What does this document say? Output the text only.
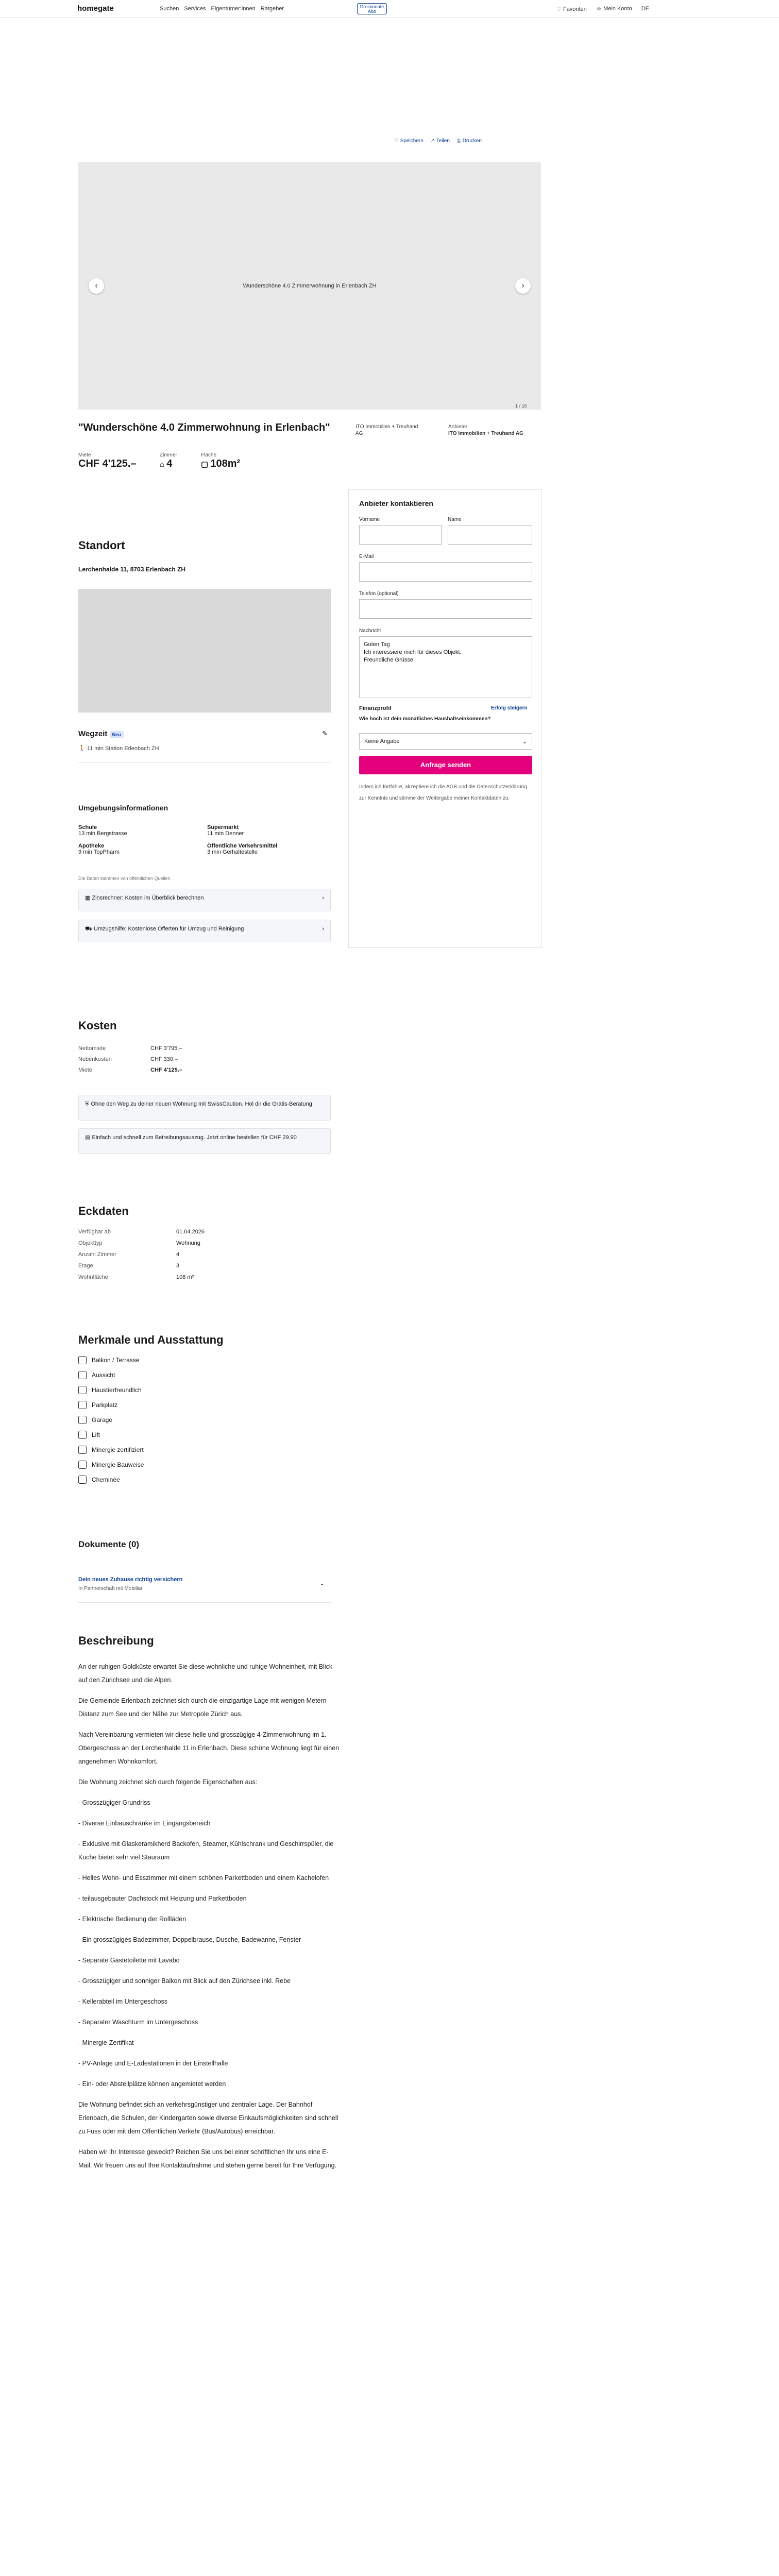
homegate	Suchen Services Eigentümer:innen Ratgeber	Dreimonate Abo	♡ Favoriten ☺ Mein Konto DE
♡ Speichern ↗ Teilen ⎙ Drucken
‹	Wunderschöne 4.0 Zimmerwohnung in Erlenbach ZH	›
1 / 16
"Wunderschöne 4.0 Zimmerwohnung in Erlenbach"	ITO Immobilien + Treuhand AG
Anbieter
ITO Immobilien + Treuhand AG
Miete
CHF 4'125.–
Zimmer
⌂ 4
Fläche
▢ 108m²
Anbieter kontaktieren
Vorname	Name
E-Mail
Telefon (optional)
Nachricht
Guten Tag
Ich interessiere mich für dieses Objekt.
Freundliche Grüsse
Finanzprofil	Erfolg steigern
Wie hoch ist dein monatliches Haushaltseinkommen?
Keine Angabe	⌄
Anfrage senden
Indem ich fortfahre, akzeptiere ich die AGB und die Datenschutzerklärung zur Kenntnis und stimme der Weitergabe meiner Kontaktdaten zu.
Standort
Lerchenhalde 11, 8703 Erlenbach ZH
Wegzeit Neu	✎
🚶 11 min Station Erlenbach ZH
Umgebungsinformationen
Schule
13 min Bergstrasse
Supermarkt
11 min Denner
Apotheke
9 min TopPharm
Öffentliche Verkehrsmittel
3 min Gerhaltestelle
Die Daten stammen von öffentlichen Quellen
▦ Zinsrechner: Kosten im Überblick berechnen	›
⛟ Umzugshilfe: Kostenlose Offerten für Umzug und Reinigung	›
Kosten
Nettomiete	CHF 3'795.–
Nebenkosten	CHF 330.–
Miete	CHF 4'125.–
⛨ Ohne den Weg zu deiner neuen Wohnung mit SwissCaution. Hol dir die Gratis-Beratung
▤ Einfach und schnell zum Betreibungsauszug. Jetzt online bestellen für CHF 29.90
Eckdaten
Verfügbar ab	01.04.2026
Objekttyp	Wohnung
Anzahl Zimmer	4
Etage	3
Wohnfläche	108 m²
Merkmale und Ausstattung
Balkon / Terrasse
Aussicht
Haustierfreundlich
Parkplatz
Garage
Lift
Minergie zertifiziert
Minergie Bauweise
Cheminée
Dokumente (0)
Dein neues Zuhause richtig versichern
In Partnerschaft mit Mobiliar
⌄
Beschreibung

An der ruhigen Goldküste erwartet Sie diese wohnliche und ruhige Wohneinheit, mit Blick auf den Zürichsee und die Alpen.

Die Gemeinde Erlenbach zeichnet sich durch die einzigartige Lage mit wenigen Metern Distanz zum See und der Nähe zur Metropole Zürich aus.

Nach Vereinbarung vermieten wir diese helle und grosszügige 4-Zimmerwohnung im 1. Obergeschoss an der Lerchenhalde 11 in Erlenbach. Diese schöne Wohnung liegt für einen angenehmen Wohnkomfort.

Die Wohnung zeichnet sich durch folgende Eigenschaften aus:

- Grosszügiger Grundriss

- Diverse Einbauschränke im Eingangsbereich

- Exklusive mit Glaskeramikherd Backofen, Steamer, Kühlschrank und Geschirrspüler, die Küche bietet sehr viel Stauraum

- Helles Wohn- und Esszimmer mit einem schönen Parkettboden und einem Kachelofen

- teilausgebauter Dachstock mit Heizung und Parkettboden

- Elektrische Bedienung der Rollläden

- Ein grosszügiges Badezimmer, Doppelbrause, Dusche, Badewanne, Fenster

- Separate Gästetoilette mit Lavabo

- Grosszügiger und sonniger Balkon mit Blick auf den Zürichsee inkl. Rebe

- Kellerabteil im Untergeschoss

- Separater Waschturm im Untergeschoss

- Minergie-Zertifikat

- PV-Anlage und E-Ladestationen in der Einstellhalle

- Ein- oder Abstellplätze können angemietet werden

Die Wohnung befindet sich an verkehrsgünstiger und zentraler Lage. Der Bahnhof Erlenbach, die Schulen, der Kindergarten sowie diverse Einkaufsmöglichkeiten sind schnell zu Fuss oder mit dem Öffentlichen Verkehr (Bus/Autobus) erreichbar.

Haben wir Ihr Interesse geweckt? Reichen Sie uns bei einer schriftlichen Ihr uns eine E-Mail. Wir freuen uns auf Ihre Kontaktaufnahme und stehen gerne bereit für Ihre Verfügung.
